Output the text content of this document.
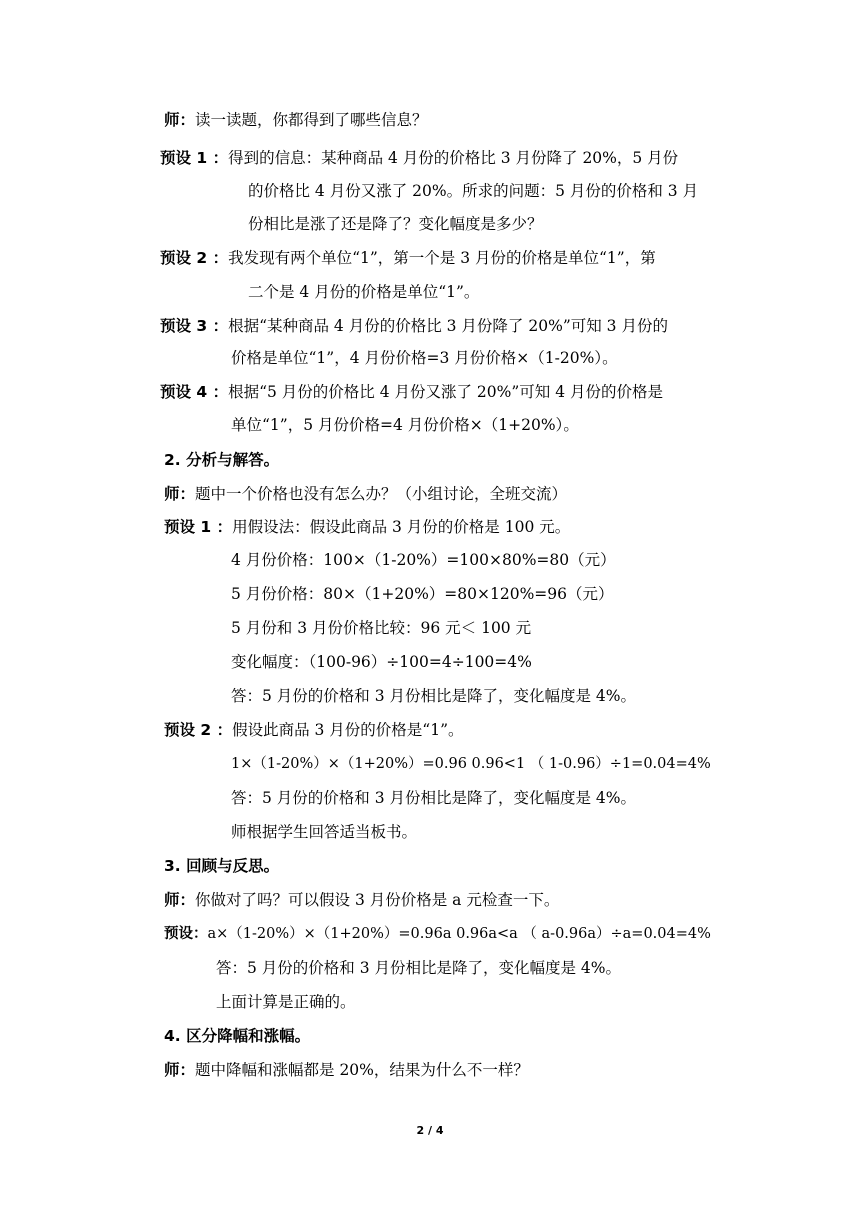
师：读一读题，你都得到了哪些信息？
预设 1 ：得到的信息：某种商品 4 月份的价格比 3 月份降了 20%，5 月份
的价格比 4 月份又涨了 20%。所求的问题：5 月份的价格和 3 月
份相比是涨了还是降了？变化幅度是多少？
预设 2 ：我发现有两个单位“1”，第一个是 3 月份的价格是单位“1”，第
二个是 4 月份的价格是单位“1”。
预设 3 ：根据“某种商品 4 月份的价格比 3 月份降了 20%”可知 3 月份的
价格是单位“1”，4 月份价格=3 月份价格×（1-20%）。
预设 4 ：根据“5 月份的价格比 4 月份又涨了 20%”可知 4 月份的价格是
单位“1”，5 月份价格=4 月份价格×（1+20%）。
2. 分析与解答。
师：题中一个价格也没有怎么办？（小组讨论，全班交流）
预设 1 ：用假设法：假设此商品 3 月份的价格是 100 元。
4 月份价格：100×（1-20%）=100×80%=80（元）
5 月份价格：80×（1+20%）=80×120%=96（元）
5 月份和 3 月份价格比较：96 元＜ 100 元
变化幅度：（100-96）÷100=4÷100=4%
答：5 月份的价格和 3 月份相比是降了，变化幅度是 4%。
预设 2 ：假设此商品 3 月份的价格是“1”。
1×（1-20%）×（1+20%）=0.96 0.96<1 （ 1-0.96）÷1=0.04=4%
答：5 月份的价格和 3 月份相比是降了，变化幅度是 4%。
师根据学生回答适当板书。
3. 回顾与反思。
师：你做对了吗？可以假设 3 月份价格是 a 元检查一下。
预设：a×（1-20%）×（1+20%）=0.96a 0.96a<a （ a-0.96a）÷a=0.04=4%
答：5 月份的价格和 3 月份相比是降了，变化幅度是 4%。
上面计算是正确的。
4. 区分降幅和涨幅。
师：题中降幅和涨幅都是 20%，结果为什么不一样？
2 / 4
